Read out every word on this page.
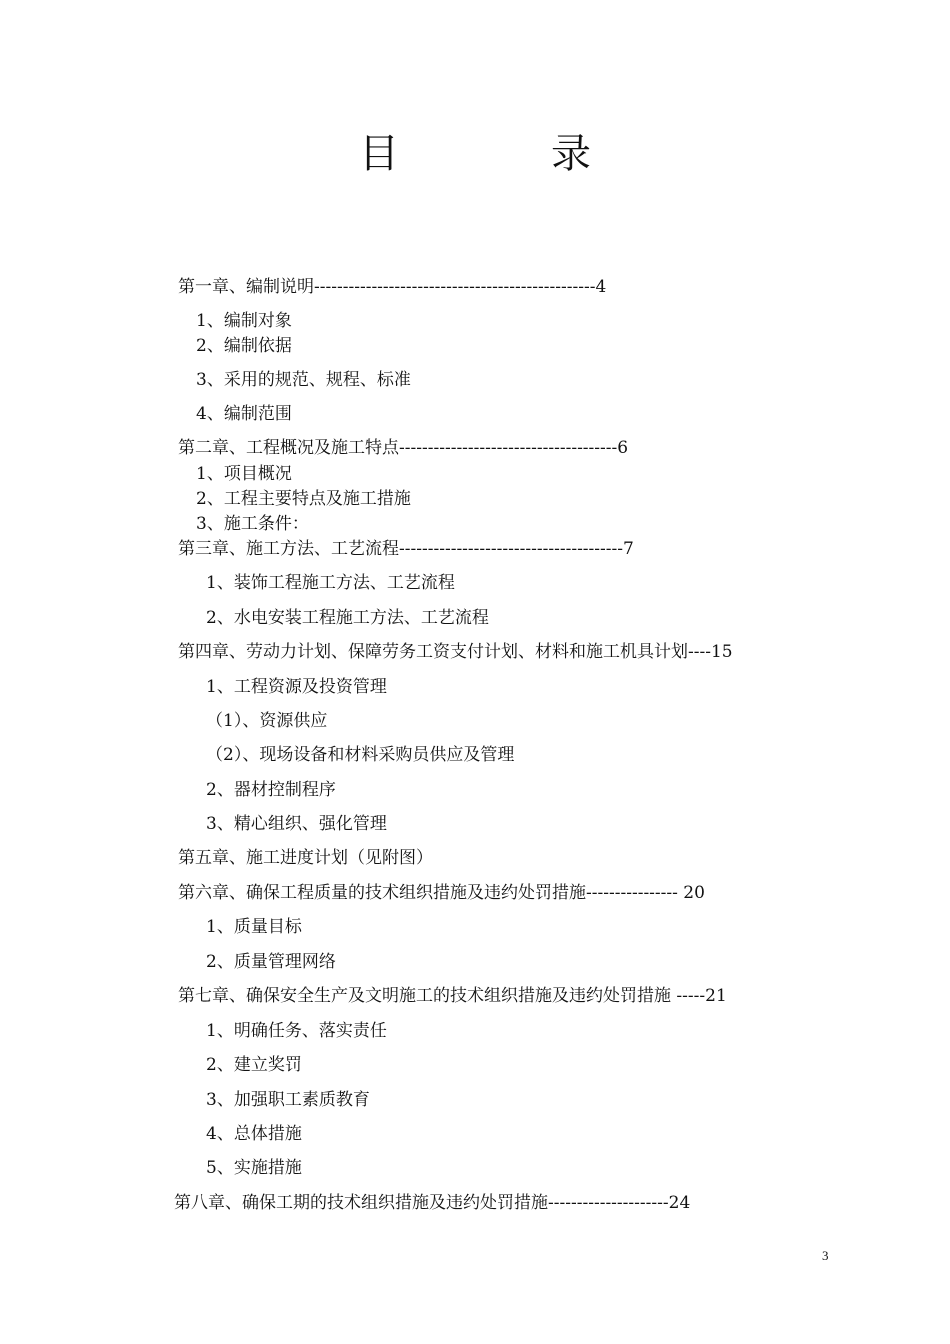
目　录
第一章、编制说明-------------------------------------------------4
1、编制对象
2、编制依据
3、采用的规范、规程、标准
4、编制范围
第二章、工程概况及施工特点--------------------------------------6
1、项目概况
2、工程主要特点及施工措施
3、施工条件：
第三章、施工方法、工艺流程---------------------------------------7
1、装饰工程施工方法、工艺流程
2、水电安装工程施工方法、工艺流程
第四章、劳动力计划、保障劳务工资支付计划、材料和施工机具计划----15
1、工程资源及投资管理
（1）、资源供应
（2）、现场设备和材料采购员供应及管理
2、器材控制程序
3、精心组织、强化管理
第五章、施工进度计划（见附图）
第六章、确保工程质量的技术组织措施及违约处罚措施---------------- 20
1、质量目标
2、质量管理网络
第七章、确保安全生产及文明施工的技术组织措施及违约处罚措施 -----21
1、明确任务、落实责任
2、建立奖罚
3、加强职工素质教育
4、总体措施
5、实施措施
第八章、确保工期的技术组织措施及违约处罚措施---------------------24
3
